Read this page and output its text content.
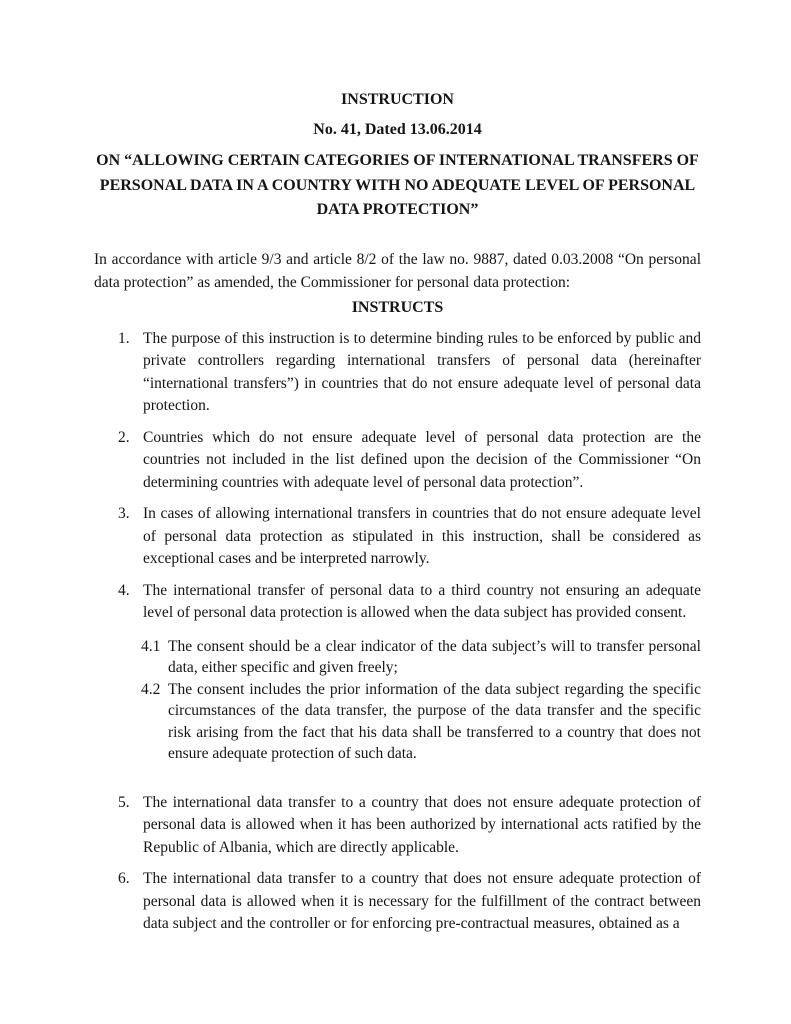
INSTRUCTION
No. 41, Dated 13.06.2014
ON “ALLOWING CERTAIN CATEGORIES OF INTERNATIONAL TRANSFERS OF PERSONAL DATA IN A COUNTRY WITH NO ADEQUATE LEVEL OF PERSONAL DATA PROTECTION”

In accordance with article 9/3 and article 8/2 of the law no. 9887, dated 0.03.2008 “On personal data protection” as amended, the Commissioner for personal data protection:

INSTRUCTS
1. The purpose of this instruction is to determine binding rules to be enforced by public and private controllers regarding international transfers of personal data (hereinafter “international transfers”) in countries that do not ensure adequate level of personal data protection.
2. Countries which do not ensure adequate level of personal data protection are the countries not included in the list defined upon the decision of the Commissioner “On determining countries with adequate level of personal data protection”.
3. In cases of allowing international transfers in countries that do not ensure adequate level of personal data protection as stipulated in this instruction, shall be considered as exceptional cases and be interpreted narrowly.
4. The international transfer of personal data to a third country not ensuring an adequate level of personal data protection is allowed when the data subject has provided consent.

4.1 The consent should be a clear indicator of the data subject’s will to transfer personal data, either specific and given freely;
4.2 The consent includes the prior information of the data subject regarding the specific circumstances of the data transfer, the purpose of the data transfer and the specific risk arising from the fact that his data shall be transferred to a country that does not ensure adequate protection of such data.
5. The international data transfer to a country that does not ensure adequate protection of personal data is allowed when it has been authorized by international acts ratified by the Republic of Albania, which are directly applicable.
6. The international data transfer to a country that does not ensure adequate protection of personal data is allowed when it is necessary for the fulfillment of the contract between data subject and the controller or for enforcing pre-contractual measures, obtained as a
